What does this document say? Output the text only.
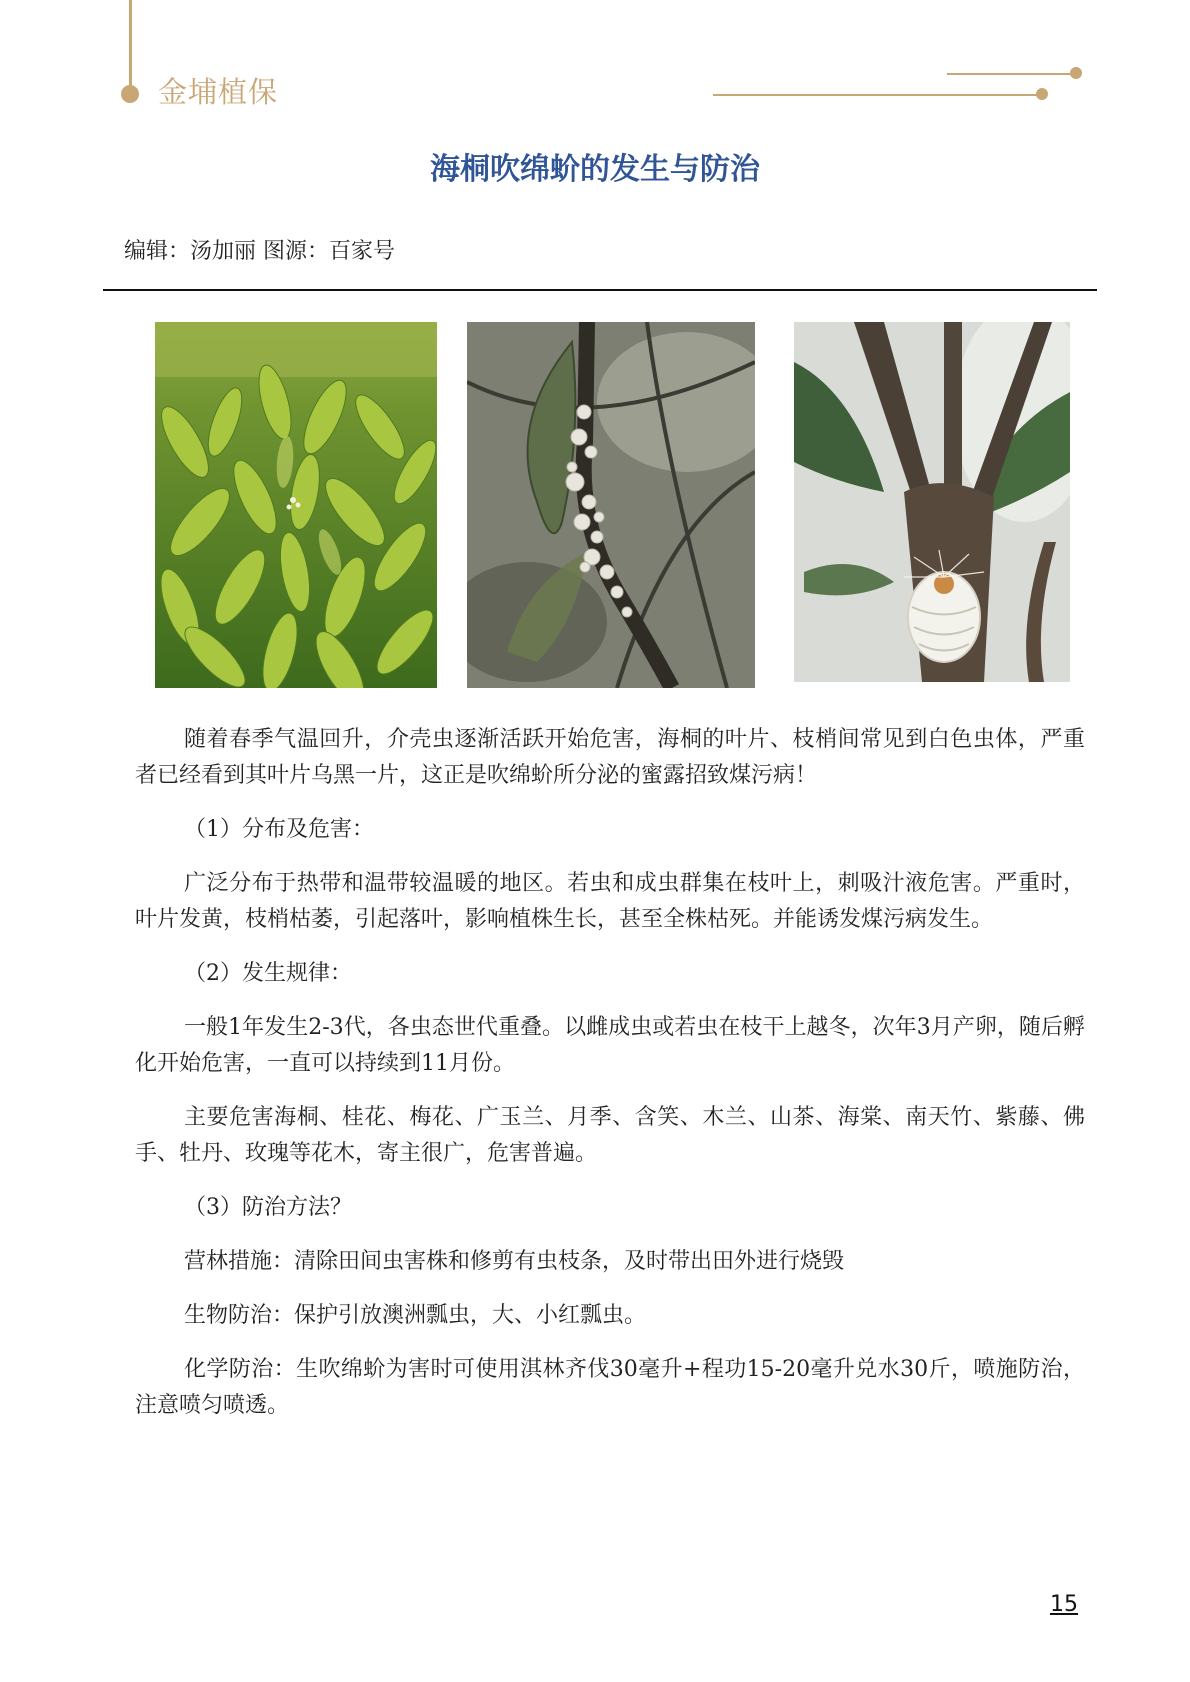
金埔植保
海桐吹绵蚧的发生与防治
编辑：汤加丽 图源：百家号

随着春季气温回升，介壳虫逐渐活跃开始危害，海桐的叶片、枝梢间常见到白色虫体，严重者已经看到其叶片乌黑一片，这正是吹绵蚧所分泌的蜜露招致煤污病！

（1）分布及危害：

广泛分布于热带和温带较温暖的地区。若虫和成虫群集在枝叶上，刺吸汁液危害。严重时，叶片发黄，枝梢枯萎，引起落叶，影响植株生长，甚至全株枯死。并能诱发煤污病发生。

（2）发生规律：

一般1年发生2-3代，各虫态世代重叠。以雌成虫或若虫在枝干上越冬，次年3月产卵，随后孵化开始危害，一直可以持续到11月份。

主要危害海桐、桂花、梅花、广玉兰、月季、含笑、木兰、山茶、海棠、南天竹、紫藤、佛手、牡丹、玫瑰等花木，寄主很广，危害普遍。

（3）防治方法？

营林措施：清除田间虫害株和修剪有虫枝条，及时带出田外进行烧毁

生物防治：保护引放澳洲瓢虫，大、小红瓢虫。

化学防治：生吹绵蚧为害时可使用淇林齐伐30毫升+程功15-20毫升兑水30斤，喷施防治，注意喷匀喷透。

15
